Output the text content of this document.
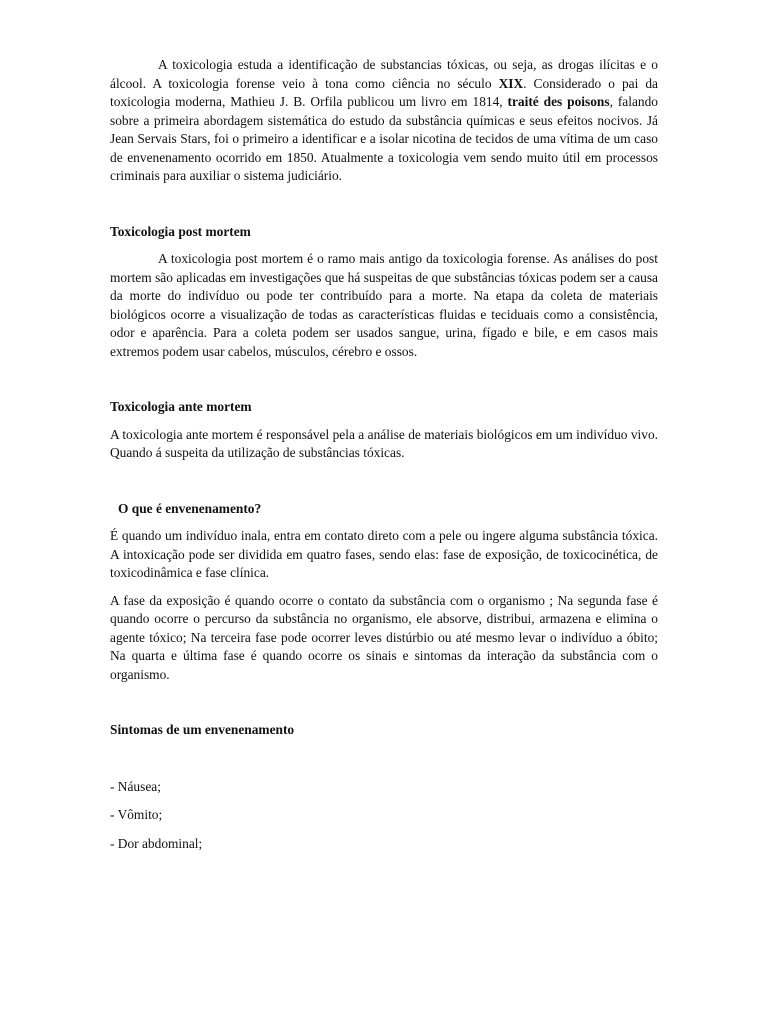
A toxicologia estuda a identificação de substancias tóxicas, ou seja, as drogas ilícitas e o álcool. A toxicologia forense veio à tona como ciência no século XIX. Considerado o pai da toxicologia moderna, Mathieu J. B. Orfila publicou um livro em 1814, traité des poisons, falando sobre a primeira abordagem sistemática do estudo da substância químicas e seus efeitos nocivos. Já Jean Servais Stars, foi o primeiro a identificar e a isolar nicotina de tecidos de uma vítima de um caso de envenenamento ocorrido em 1850. Atualmente a toxicologia vem sendo muito útil em processos criminais para auxiliar o sistema judiciário.

Toxicologia post mortem

A toxicologia post mortem é o ramo mais antigo da toxicologia forense. As análises do post mortem são aplicadas em investigações que há suspeitas de que substâncias tóxicas podem ser a causa da morte do indivíduo ou pode ter contribuído para a morte. Na etapa da coleta de materiais biológicos ocorre a visualização de todas as características fluidas e teciduais como a consistência, odor e aparência. Para a coleta podem ser usados sangue, urina, fígado e bile, e em casos mais extremos podem usar cabelos, músculos, cérebro e ossos.

Toxicologia ante mortem

A toxicologia ante mortem é responsável pela a análise de materiais biológicos em um indivíduo vivo. Quando á suspeita da utilização de substâncias tóxicas.

O que é envenenamento?

É quando um indivíduo inala, entra em contato direto com a pele ou ingere alguma substância tóxica. A intoxicação pode ser dividida em quatro fases, sendo elas: fase de exposição, de toxicocinética, de toxicodinâmica e fase clínica.

A fase da exposição é quando ocorre o contato da substância com o organismo ; Na segunda fase é quando ocorre o percurso da substância no organismo, ele absorve, distribui, armazena e elimina o agente tóxico; Na terceira fase pode ocorrer leves distúrbio ou até mesmo levar o indivíduo a óbito; Na quarta e última fase é quando ocorre os sinais e sintomas da interação da substância com o organismo.

Sintomas de um envenenamento

- Náusea;

- Vômito;

- Dor abdominal;
